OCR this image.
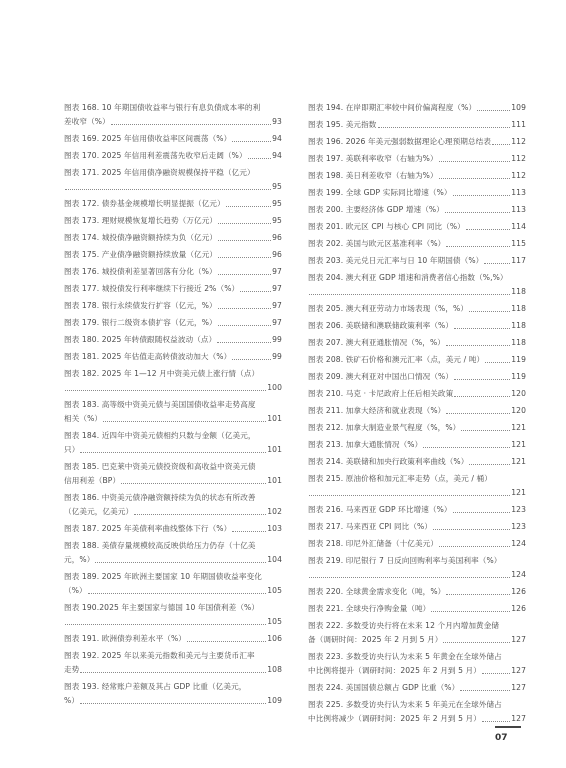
图表 168. 10 年期国债收益率与银行有息负债成本率的利
差收窄（%）	93
图表 169. 2025 年信用债收益率区间震荡（%）	94
图表 170. 2025 年信用利差震荡先收窄后走阔（%）	94
图表 171. 2025 年信用债净融资规模保持平稳（亿元）
95
图表 172. 债券基金规模增长明显提振（亿元）	95
图表 173. 理财规模恢复增长趋势（万亿元）	95
图表 174. 城投债净融资额持续为负（亿元）	96
图表 175. 产业债净融资额持续放量（亿元）	96
图表 176. 城投债利差显著回落有分化（%）	97
图表 177. 城投债发行利率继续下行接近 2%（%）	97
图表 178. 银行永续债发行扩容（亿元，%）	97
图表 179. 银行二级资本债扩容（亿元，%）	97
图表 180. 2025 年转债跟随权益波动（点）	99
图表 181. 2025 年估值走高转债波动加大（%）	99
图表 182. 2025 年 1—12 月中资美元债上涨行情（点）
100
图表 183. 高等级中资美元债与美国国债收益率走势高度
相关（%）	101
图表 184. 近四年中资美元债相约只数与金额（亿美元，
只）	101
图表 185. 巴克莱中资美元债投资级和高收益中资美元债
信用利差（BP）	101
图表 186. 中资美元债净融资额持续为负的状态有所改善
（亿美元，亿美元）	102
图表 187. 2025 年美债利率曲线整体下行（%）	103
图表 188. 美债存量规模较高反映供给压力仍存（十亿美
元，%）	104
图表 189. 2025 年欧洲主要国家 10 年期国债收益率变化
（%）	105
图表 190.2025 年主要国家与德国 10 年国债利差（%）
105
图表 191. 欧洲债券利差水平（%）	106
图表 192. 2025 年以来美元指数和美元与主要货币汇率
走势	108
图表 193. 经常账户差额及其占 GDP 比重（亿美元，
%）	109
图表 194. 在岸即期汇率较中间价偏离程度（%）	109
图表 195. 美元指数	111
图表 196. 2026 年美元强弱数据理论心理预期总结表	112
图表 197. 美联利率收窄（右轴为%）	112
图表 198. 美日利差收窄（右轴为%）	112
图表 199. 全球 GDP 实际同比增速（%）	113
图表 200. 主要经济体 GDP 增速（%）	113
图表 201. 欧元区 CPI 与核心 CPI 同比（%）	114
图表 202. 美国与欧元区基准利率（%）	115
图表 203. 美元兑日元汇率与日 10 年期国债（%）	117
图表 204. 澳大利亚 GDP 增速和消费者信心指数（%,%）
118
图表 205. 澳大利亚劳动力市场表现（%，%）	118
图表 206. 美联储和澳联储政策利率（%）	118
图表 207. 澳大利亚通胀情况（%，%）	118
图表 208. 铁矿石价格和澳元汇率（点，美元 / 吨）	119
图表 209. 澳大利亚对中国出口情况（%）	119
图表 210. 马克 · 卡尼政府上任后相关政策	120
图表 211. 加拿大经济和就业表现（%）	120
图表 212. 加拿大制造业景气程度（%，%）	121
图表 213. 加拿大通胀情况（%）	121
图表 214. 美联储和加央行政策利率曲线（%）	121
图表 215. 原油价格和加元汇率走势（点，美元 / 桶）
121
图表 216. 马来西亚 GDP 环比增速（%）	123
图表 217. 马来西亚 CPI 同比（%）	123
图表 218. 印尼外汇储备（十亿美元）	124
图表 219. 印尼银行 7 日反向回购利率与美国利率（%）
124
图表 220. 全球黄金需求变化（吨，%）	126
图表 221. 全球央行净购金量（吨）	126
图表 222. 多数受访央行将在未来 12 个月内增加黄金储
备（调研时间：2025 年 2 月到 5 月）	127
图表 223. 多数受访央行认为未来 5 年黄金在全球外储占
中比例将提升（调研时间：2025 年 2 月到 5 月）	127
图表 224. 美国国债总额占 GDP 比重（%）	127
图表 225. 多数受访央行认为未来 5 年美元在全球外储占
中比例将减少（调研时间：2025 年 2 月到 5 月）	127
07
